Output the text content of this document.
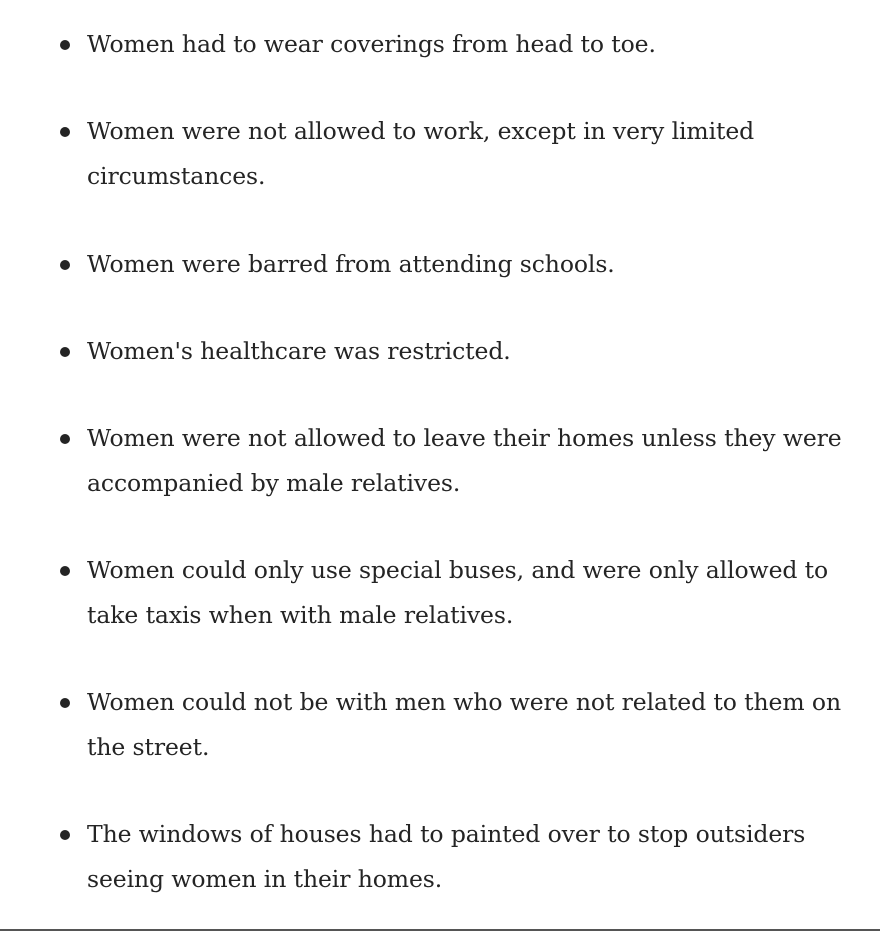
Women had to wear coverings from head to toe.
Women were not allowed to work, except in very limited circumstances.
Women were barred from attending schools.
Women's healthcare was restricted.
Women were not allowed to leave their homes unless they were accompanied by male relatives.
Women could only use special buses, and were only allowed to take taxis when with male relatives.
Women could not be with men who were not related to them on the street.
The windows of houses had to painted over to stop outsiders seeing women in their homes.
